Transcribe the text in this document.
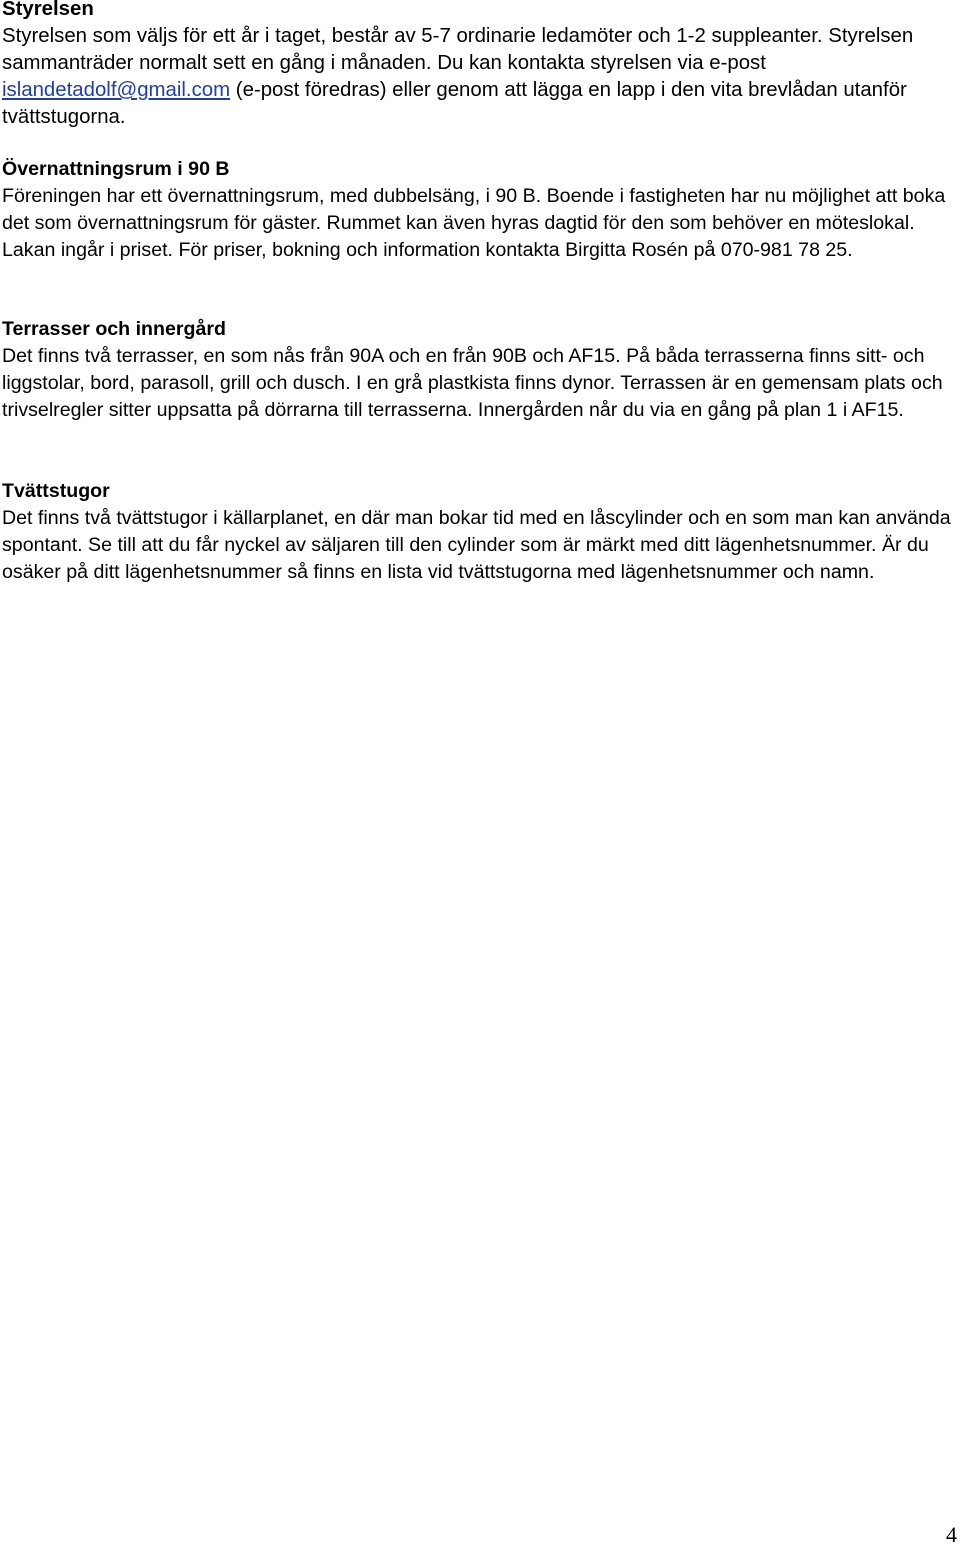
Styrelsen

Styrelsen som väljs för ett år i taget, består av 5-7 ordinarie ledamöter och 1-2 suppleanter. Styrelsen sammanträder normalt sett en gång i månaden. Du kan kontakta styrelsen via e-post islandetadolf@gmail.com (e-post föredras) eller genom att lägga en lapp i den vita brevlådan utanför tvättstugorna.

Övernattningsrum i 90 B

Föreningen har ett övernattningsrum, med dubbelsäng, i 90 B. Boende i fastigheten har nu möjlighet att boka det som övernattningsrum för gäster. Rummet kan även hyras dagtid för den som behöver en möteslokal. Lakan ingår i priset. För priser, bokning och information kontakta Birgitta Rosén på 070-981 78 25.

Terrasser och innergård

Det finns två terrasser, en som nås från 90A och en från 90B och AF15. På båda terrasserna finns sitt- och liggstolar, bord, parasoll, grill och dusch. I en grå plastkista finns dynor. Terrassen är en gemensam plats och trivselregler sitter uppsatta på dörrarna till terrasserna. Innergården når du via en gång på plan 1 i AF15.

Tvättstugor

Det finns två tvättstugor i källarplanet, en där man bokar tid med en låscylinder och en som man kan använda spontant. Se till att du får nyckel av säljaren till den cylinder som är märkt med ditt lägenhetsnummer. Är du osäker på ditt lägenhetsnummer så finns en lista vid tvättstugorna med lägenhetsnummer och namn.

4
